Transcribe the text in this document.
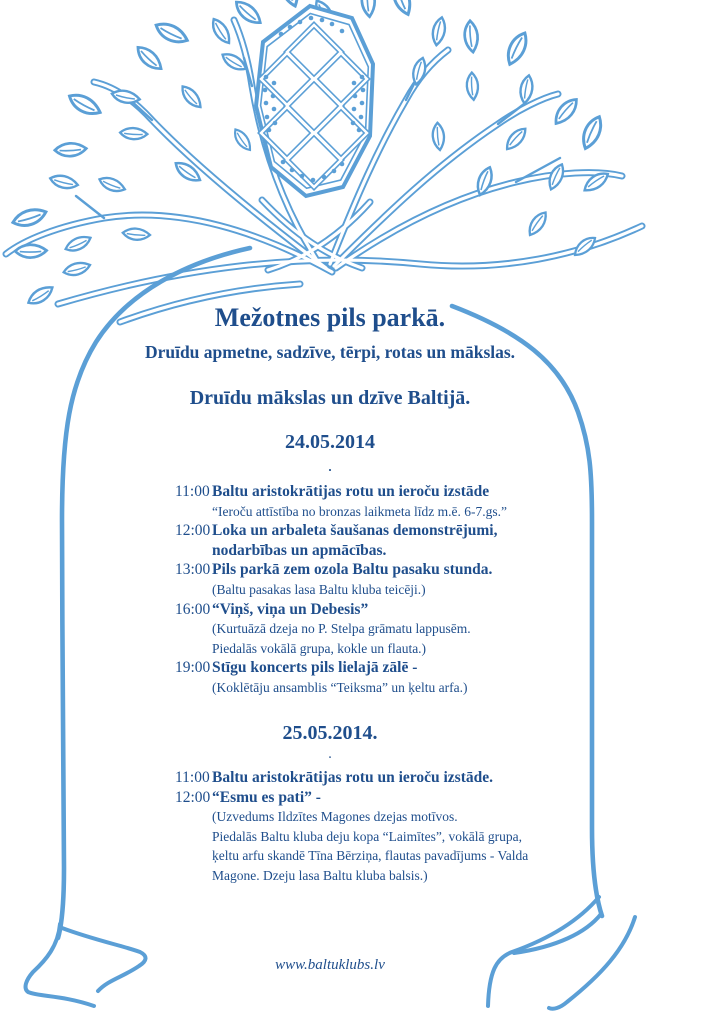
Mežotnes pils parkā.
Druīdu apmetne, sadzīve, tērpi, rotas un mākslas.
Druīdu mākslas un dzīve Baltijā.
24.05.2014
.
11:00 Baltu aristokrātijas rotu un ieroču izstāde
“Ieroču attīstība no bronzas laikmeta līdz m.ē. 6-7.gs.”
12:00 Loka un arbaleta šaušanas demonstrējumi,
nodarbības un apmācības.
13:00 Pils parkā zem ozola Baltu pasaku stunda.
(Baltu pasakas lasa Baltu kluba teicēji.)
16:00 “Viņš, viņa un Debesis”
(Kurtuāzā dzeja no P. Stelpa grāmatu lappusēm.
Piedalās vokālā grupa, kokle un flauta.)
19:00 Stīgu koncerts pils lielajā zālē -
(Koklētāju ansamblis “Teiksma” un ķeltu arfa.)
25.05.2014.
.
11:00 Baltu aristokrātijas rotu un ieroču izstāde.
12:00 “Esmu es pati” -
(Uzvedums Ildzītes Magones dzejas motīvos.
Piedalās Baltu kluba deju kopa “Laimītes”, vokālā grupa,
ķeltu arfu skandē Tīna Bērziņa, flautas pavadījums - Valda
Magone. Dzeju lasa Baltu kluba balsis.)
www.baltuklubs.lv
